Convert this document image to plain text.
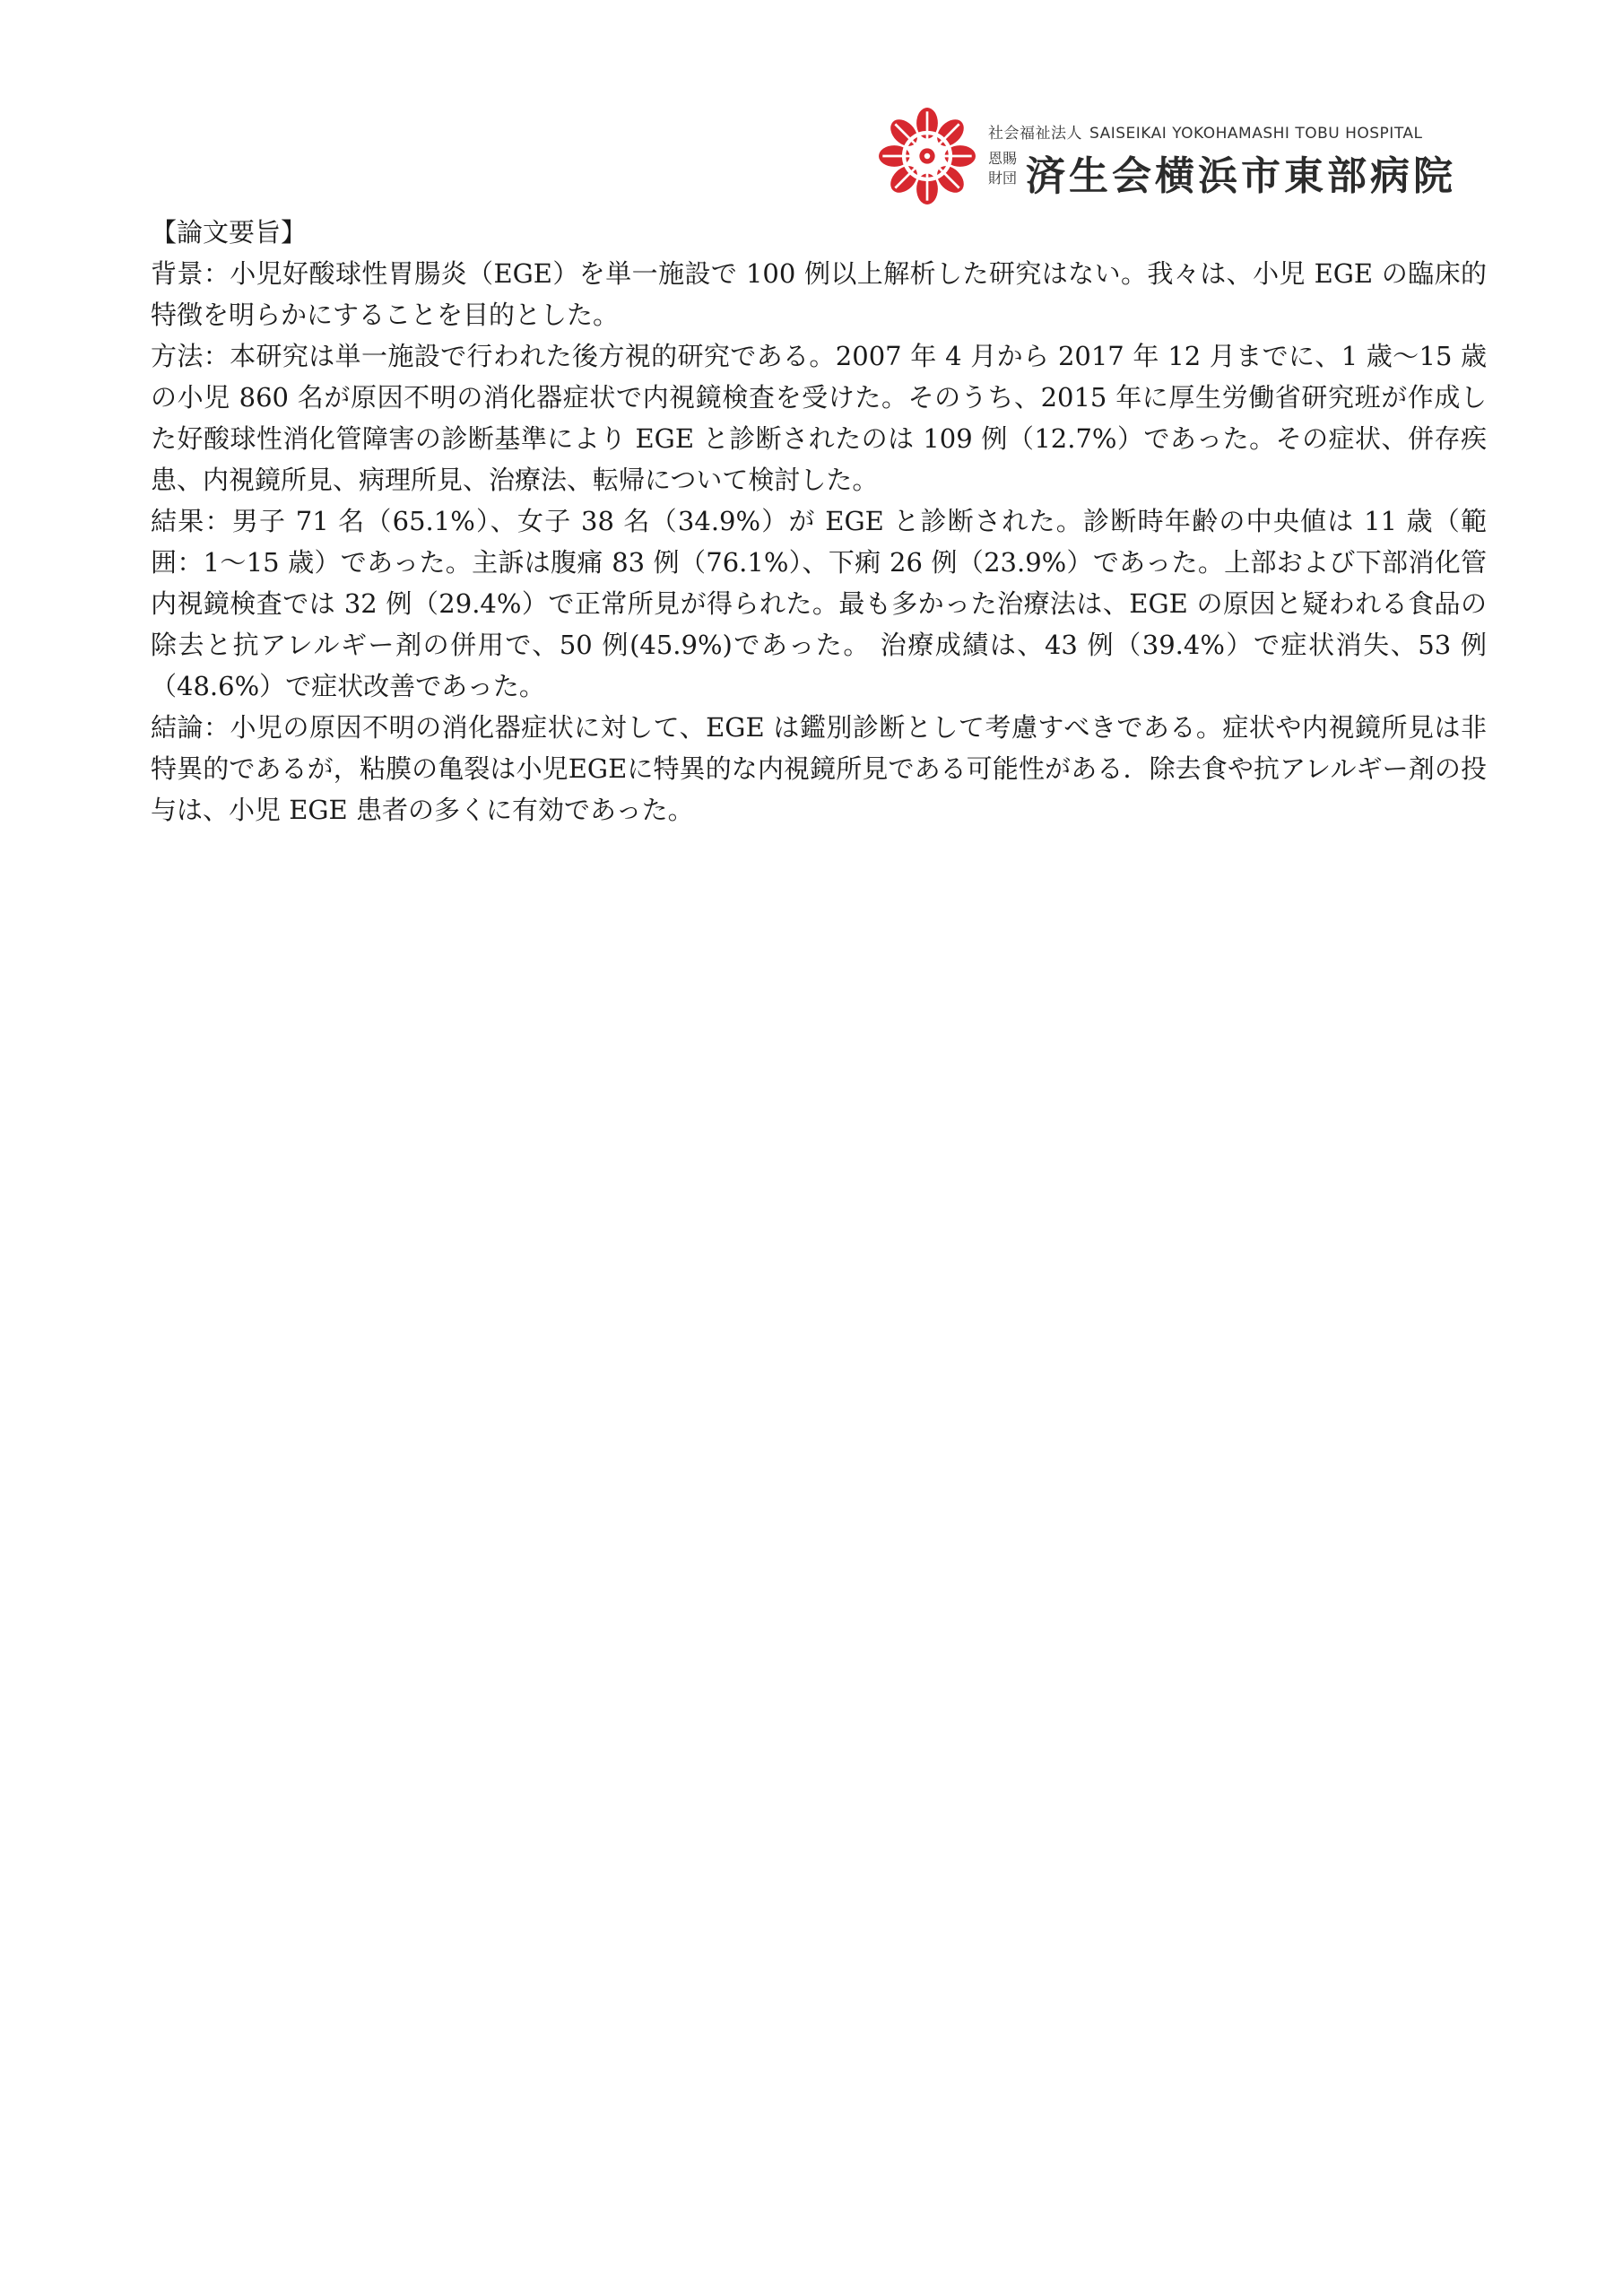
社会福祉法人 SAISEIKAI YOKOHAMASHI TOBU HOSPITAL
恩賜
財団 済生会横浜市東部病院

【論文要旨】

背景：小児好酸球性胃腸炎（EGE）を単一施設で 100 例以上解析した研究はない。我々は、小児 EGE の臨床的特徴を明らかにすることを目的とした。

方法：本研究は単一施設で行われた後方視的研究である。2007 年 4 月から 2017 年 12 月までに、1 歳〜15 歳の小児 860 名が原因不明の消化器症状で内視鏡検査を受けた。そのうち、2015 年に厚生労働省研究班が作成した好酸球性消化管障害の診断基準により EGE と診断されたのは 109 例（12.7%）であった。その症状、併存疾患、内視鏡所見、病理所見、治療法、転帰について検討した。

結果：男子 71 名（65.1%）、女子 38 名（34.9%）が EGE と診断された。診断時年齢の中央値は 11 歳（範囲：1〜15 歳）であった。主訴は腹痛 83 例（76.1%）、下痢 26 例（23.9%）であった。上部および下部消化管内視鏡検査では 32 例（29.4%）で正常所見が得られた。最も多かった治療法は、EGE の原因と疑われる食品の除去と抗アレルギー剤の併用で、50 例(45.9%)であった。 治療成績は、43 例（39.4%）で症状消失、53 例（48.6%）で症状改善であった。

結論：小児の原因不明の消化器症状に対して、EGE は鑑別診断として考慮すべきである。症状や内視鏡所見は非特異的であるが，粘膜の亀裂は小児EGEに特異的な内視鏡所見である可能性がある．除去食や抗アレルギー剤の投与は、小児 EGE 患者の多くに有効であった。
